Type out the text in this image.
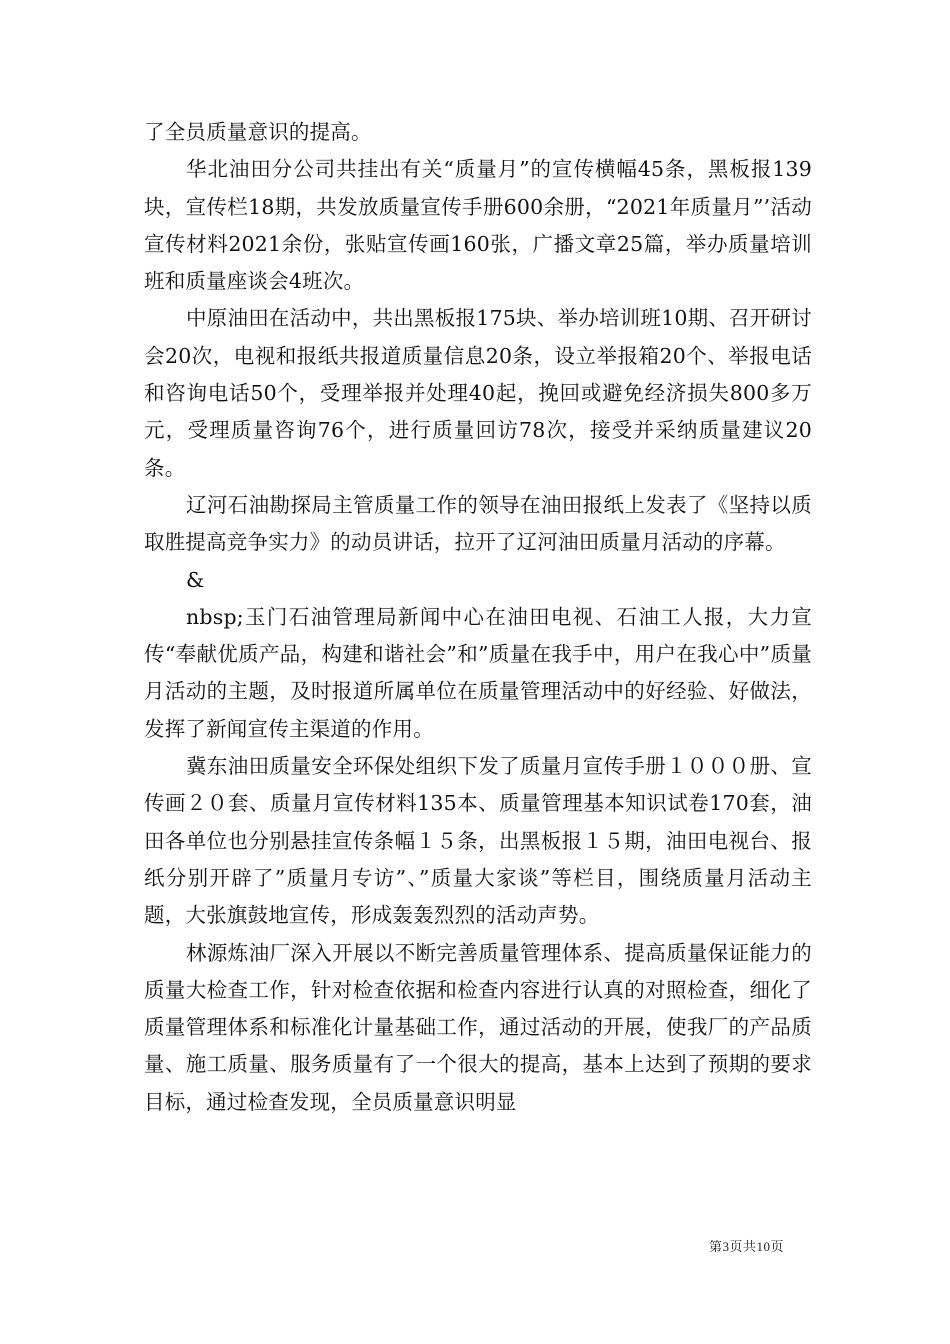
了全员质量意识的提高。

华北油田分公司共挂出有关“质量月”的宣传横幅45条，黑板报139块，宣传栏18期，共发放质量宣传手册600余册，“2021年质量月”’活动宣传材料2021余份，张贴宣传画160张，广播文章25篇，举办质量培训班和质量座谈会4班次。

中原油田在活动中，共出黑板报175块、举办培训班10期、召开研讨会20次，电视和报纸共报道质量信息20条，设立举报箱20个、举报电话和咨询电话50个，受理举报并处理40起，挽回或避免经济损失800多万元，受理质量咨询76个，进行质量回访78次，接受并采纳质量建议20条。

辽河石油勘探局主管质量工作的领导在油田报纸上发表了《坚持以质取胜提高竞争实力》的动员讲话，拉开了辽河油田质量月活动的序幕。

&

nbsp;玉门石油管理局新闻中心在油田电视、石油工人报，大力宣传“奉献优质产品，构建和谐社会”和”质量在我手中，用户在我心中”质量月活动的主题，及时报道所属单位在质量管理活动中的好经验、好做法，发挥了新闻宣传主渠道的作用。

冀东油田质量安全环保处组织下发了质量月宣传手册１０００册、宣传画２０套、质量月宣传材料135本、质量管理基本知识试卷170套，油田各单位也分别悬挂宣传条幅１５条，出黑板报１５期，油田电视台、报纸分别开辟了”质量月专访”、”质量大家谈”等栏目，围绕质量月活动主题，大张旗鼓地宣传，形成轰轰烈烈的活动声势。

林源炼油厂深入开展以不断完善质量管理体系、提高质量保证能力的质量大检查工作，针对检查依据和检查内容进行认真的对照检查，细化了质量管理体系和标准化计量基础工作，通过活动的开展，使我厂的产品质量、施工质量、服务质量有了一个很大的提高，基本上达到了预期的要求目标，通过检查发现，全员质量意识明显

第3页共10页
